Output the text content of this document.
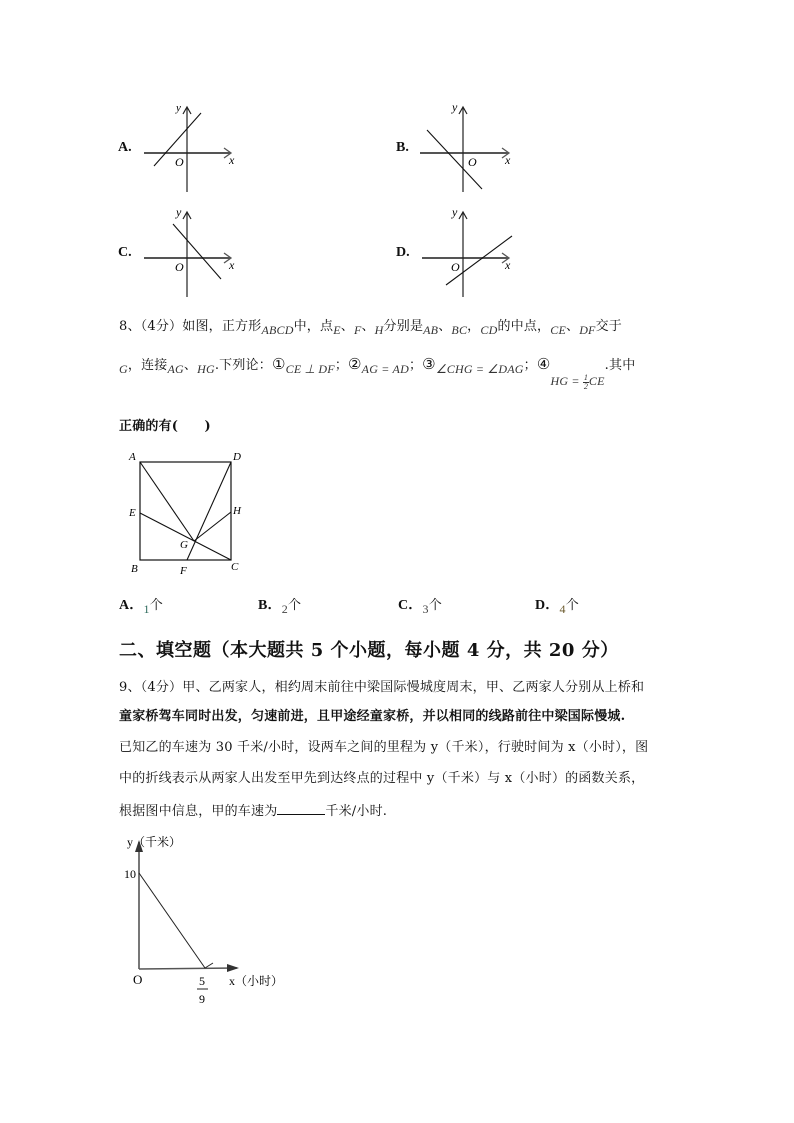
A.
y
O	x
B.
y
O x
C.
y
O	x
D.
y
O	x
8、（4分）如图，正方形ABCD中，点E、F、H分别是AB、BC，CD的中点，CE、DF交于
G，连接AG、HG.下列论：①CE ⊥ DF；②AG = AD；③∠CHG = ∠DAG；④HG = $\frac{1}{2}$ CE.其中
正确的有(　　)
A	D
E	H
G
B	F	C
A．1个	B．2个	C．3个	D．4个
二、填空题（本大题共 5 个小题，每小题 4 分，共 20 分）
9、（4分）甲、乙两家人，相约周末前往中梁国际慢城度周末，甲、乙两家人分别从上桥和
童家桥驾车同时出发，匀速前进，且甲途经童家桥，并以相同的线路前往中梁国际慢城.
已知乙的车速为 30 千米/小时，设两车之间的里程为 y（千米），行驶时间为 x（小时），图
中的折线表示从两家人出发至甲先到达终点的过程中 y（千米）与 x（小时）的函数关系，
根据图中信息，甲的车速为	千米/小时.
y（千米）
10
O	x（小时）
5
9
